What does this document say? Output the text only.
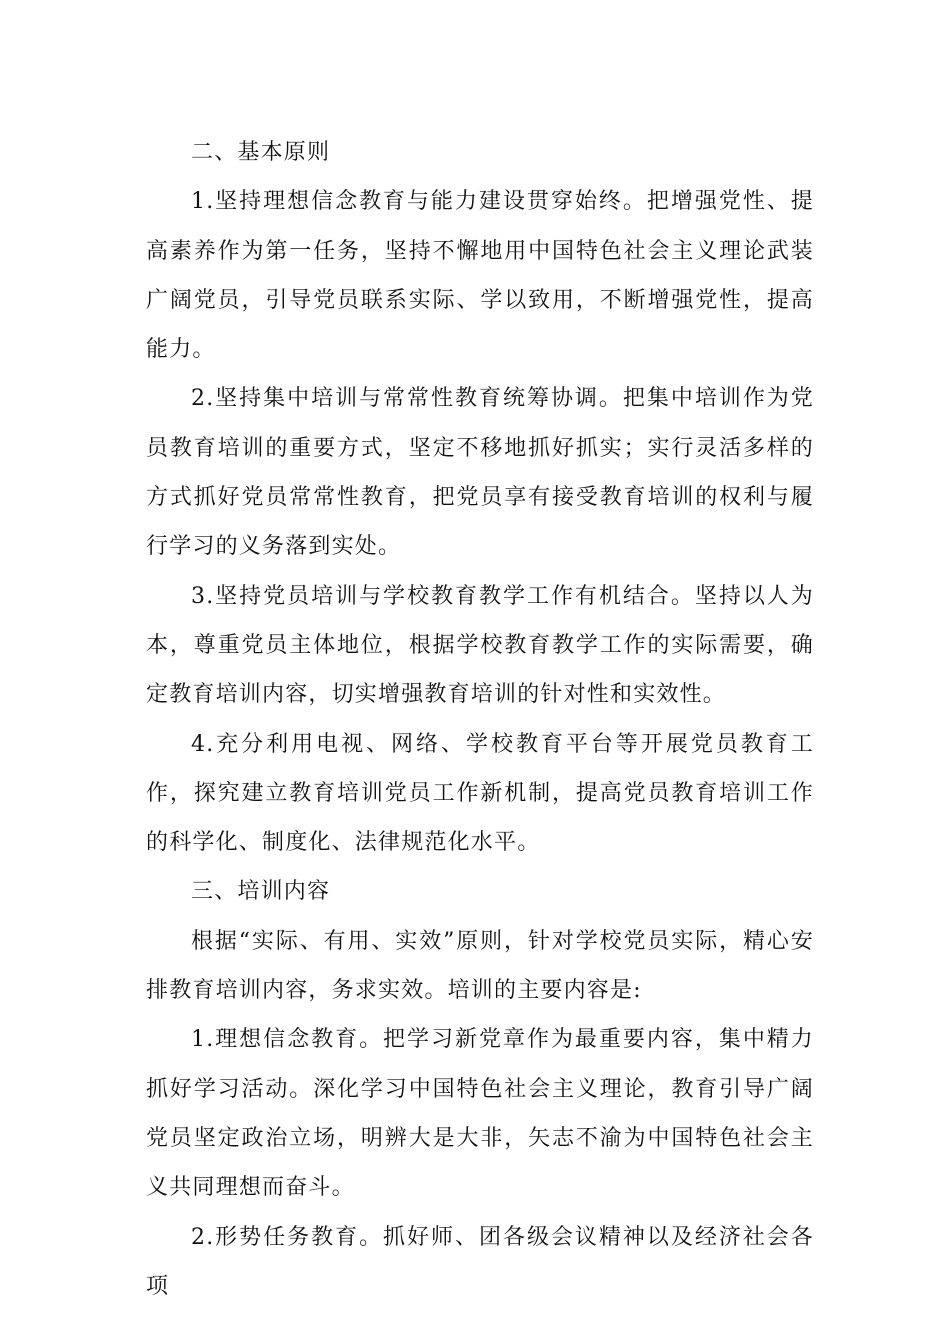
二、基本原则

1.坚持理想信念教育与能力建设贯穿始终。把增强党性、提高素养作为第一任务，坚持不懈地用中国特色社会主义理论武装广阔党员，引导党员联系实际、学以致用，不断增强党性，提高能力。

2.坚持集中培训与常常性教育统筹协调。把集中培训作为党员教育培训的重要方式，坚定不移地抓好抓实；实行灵活多样的方式抓好党员常常性教育，把党员享有接受教育培训的权利与履行学习的义务落到实处。

3.坚持党员培训与学校教育教学工作有机结合。坚持以人为本，尊重党员主体地位，根据学校教育教学工作的实际需要，确定教育培训内容，切实增强教育培训的针对性和实效性。

4.充分利用电视、网络、学校教育平台等开展党员教育工作，探究建立教育培训党员工作新机制，提高党员教育培训工作的科学化、制度化、法律规范化水平。

三、培训内容

根据“实际、有用、实效”原则，针对学校党员实际，精心安排教育培训内容，务求实效。培训的主要内容是:

1.理想信念教育。把学习新党章作为最重要内容，集中精力抓好学习活动。深化学习中国特色社会主义理论，教育引导广阔党员坚定政治立场，明辨大是大非，矢志不渝为中国特色社会主义共同理想而奋斗。

2.形势任务教育。抓好师、团各级会议精神以及经济社会各项
